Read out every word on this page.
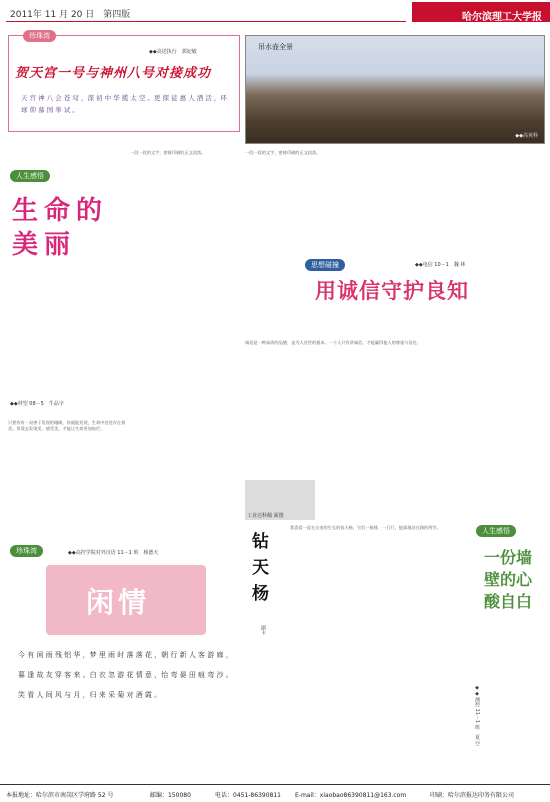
2011年 11 月 20 日　第四版	哈尔滨理工大学报
珍珠湾
◆◆高送执行　郭妃敏
贺天宫一号与神州八号对接成功
天 宫 神 八 会 苍 穹 ，深 初 中 华 揽 太 空 。更 探 徒 惠 人 洒 活 ，环 球 仰 慕 国 举 试 。
吊水壶全景
◆◆高英科
人生感悟
生命的美丽
◆◆材型 08－5　牛品宇
只要你有一双善于发现的眼睛，你就能发现，生命中处处存在着美。用爱去发现美、感受美，才能让生命更加灿烂。
一段一段的文字，密排印刷的正文段落。	一段一段的文字，密排印刷的正文段落。
思想碰撞	◆◆电信 10－1　魏 林
用诚信守护良知
诚信是一种高尚的品德，是为人处世的根本。一个人只有讲诚信，才能赢得他人的尊重与信任。
工业达科佩 面图
珍珠湾	◆◆高控学院对外汉语 11－1 班　杨德天
闲情
今 有 闲 雨 残 铝 华 ，梦 里 雨 时 落 落 花 ，朝 行 新 人 客 游 廊 ，暮 逢 故 友 穿 客 来 。白 衣 忽 游 花 情 意 ，怡 弯 晏 田 痕 弯 沙 。笑 看 人 间 风 与 月 ，归 来 采 菊 对 酒 霞 。
钻天杨
副卡
我喜爱一直在自由的生长的钻天杨，它们一排排、一行行，挺拔地站在路的两旁。	人生感悟
一份墙壁的心酸自白
◆◆测控 11－1 班　夏 空
本报地址：哈尔滨市南岗区学府路 52 号	邮编：150080	电话：0451-86390811 E-mail：xiaobao86390811@163.com	印刷：哈尔滨报达印务有限公司
